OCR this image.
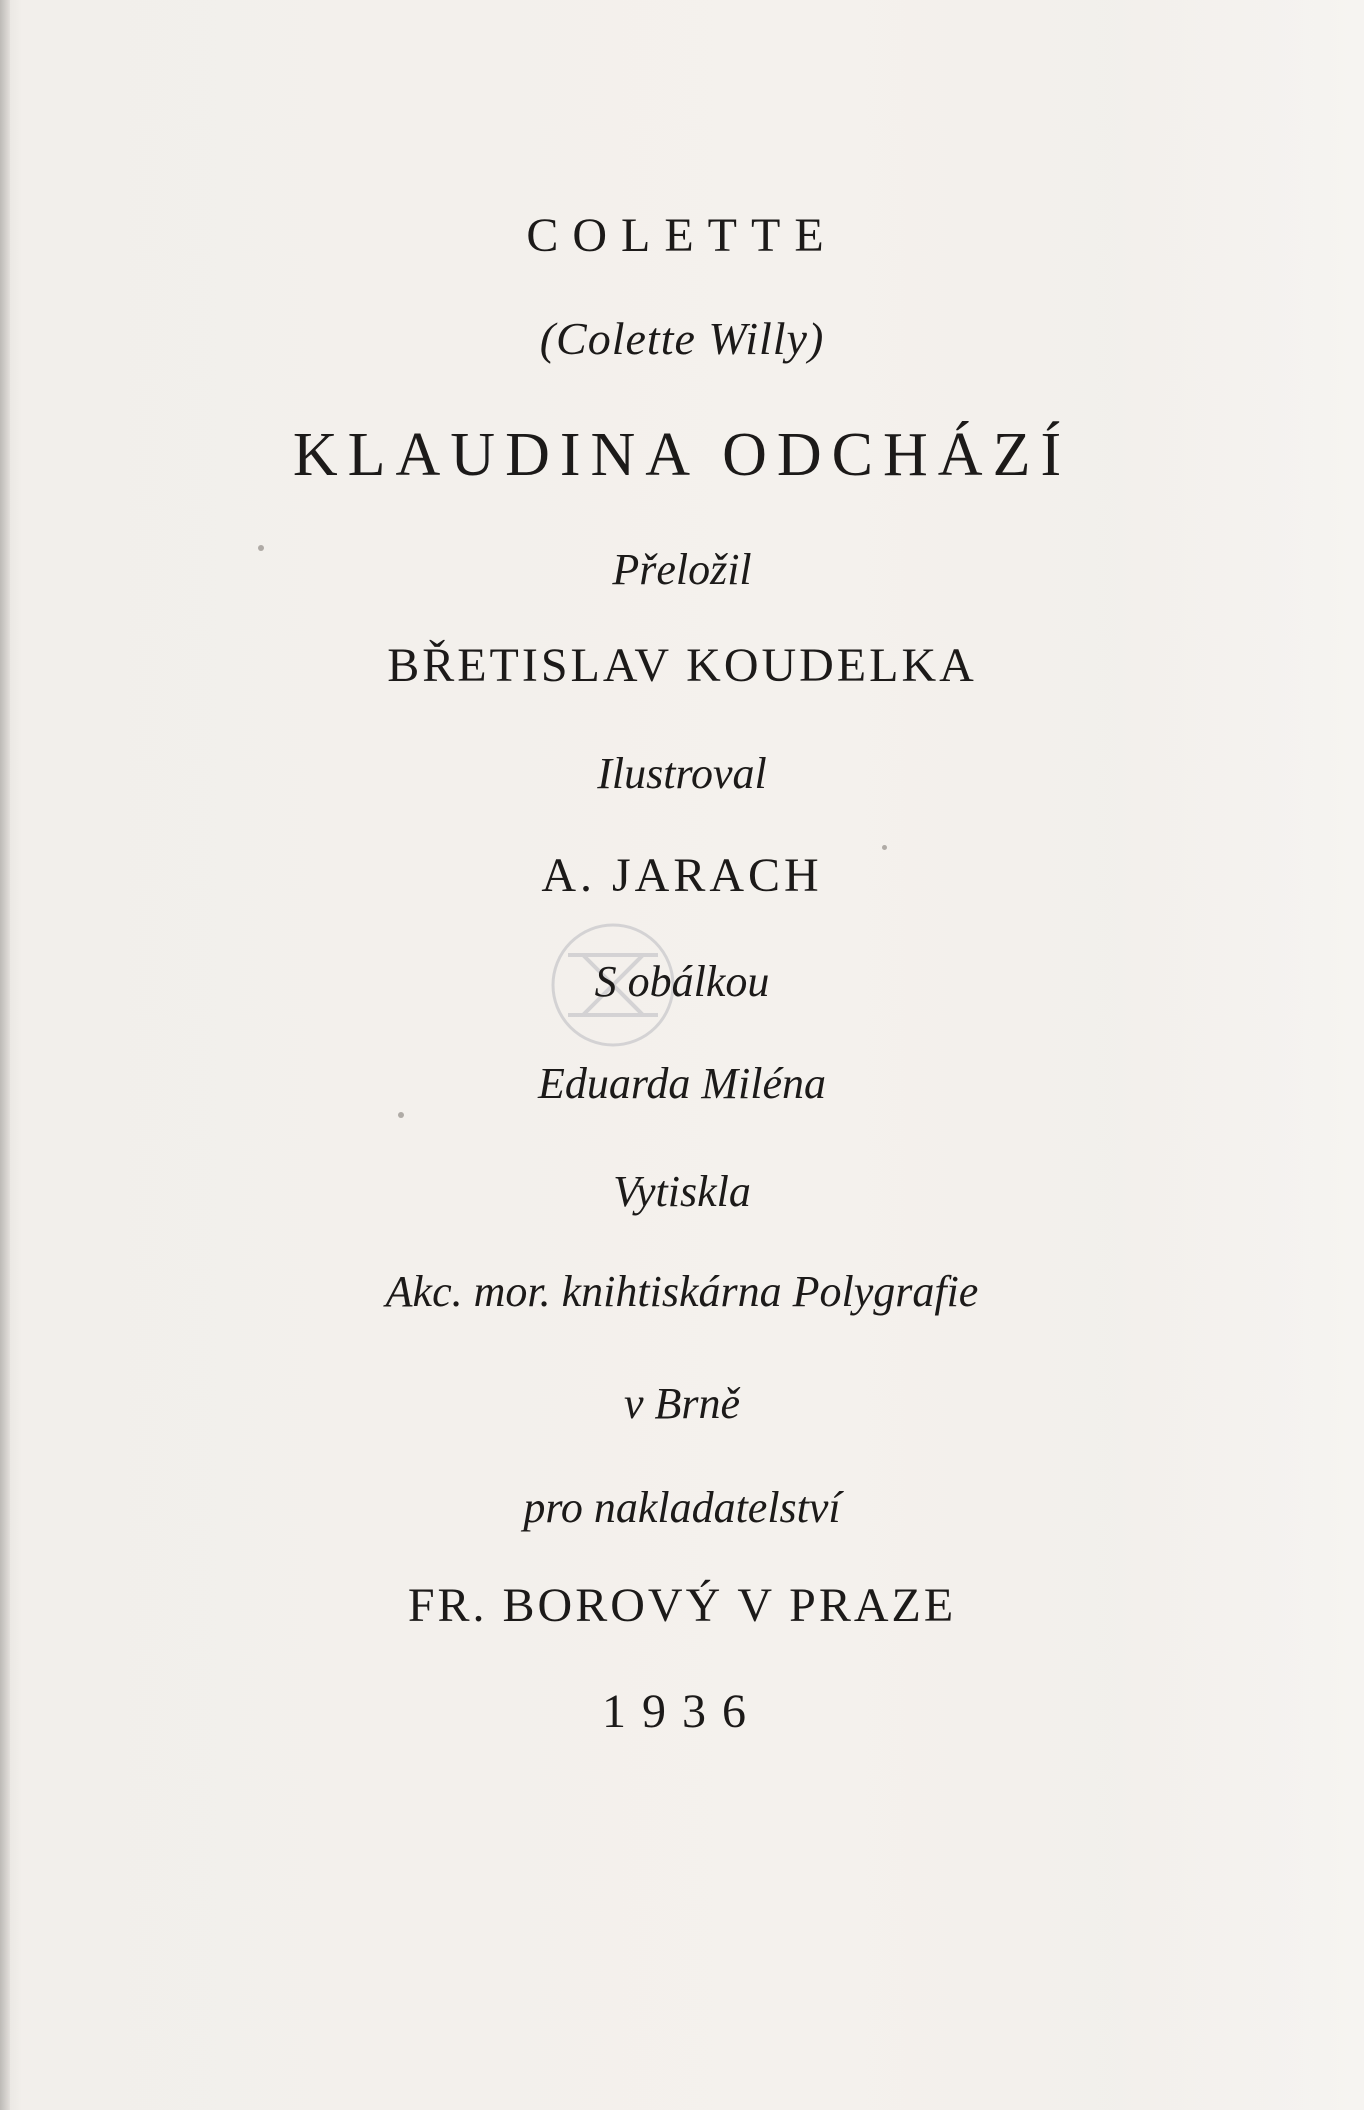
COLETTE
(Colette Willy)
KLAUDINA ODCHÁZÍ
Přeložil
BŘETISLAV KOUDELKA
Ilustroval
A. JARACH
S obálkou
Eduarda Miléna
Vytiskla
Akc. mor. knihtiskárna Polygrafie
v Brně
pro nakladatelství
FR. BOROVÝ V PRAZE
1936
